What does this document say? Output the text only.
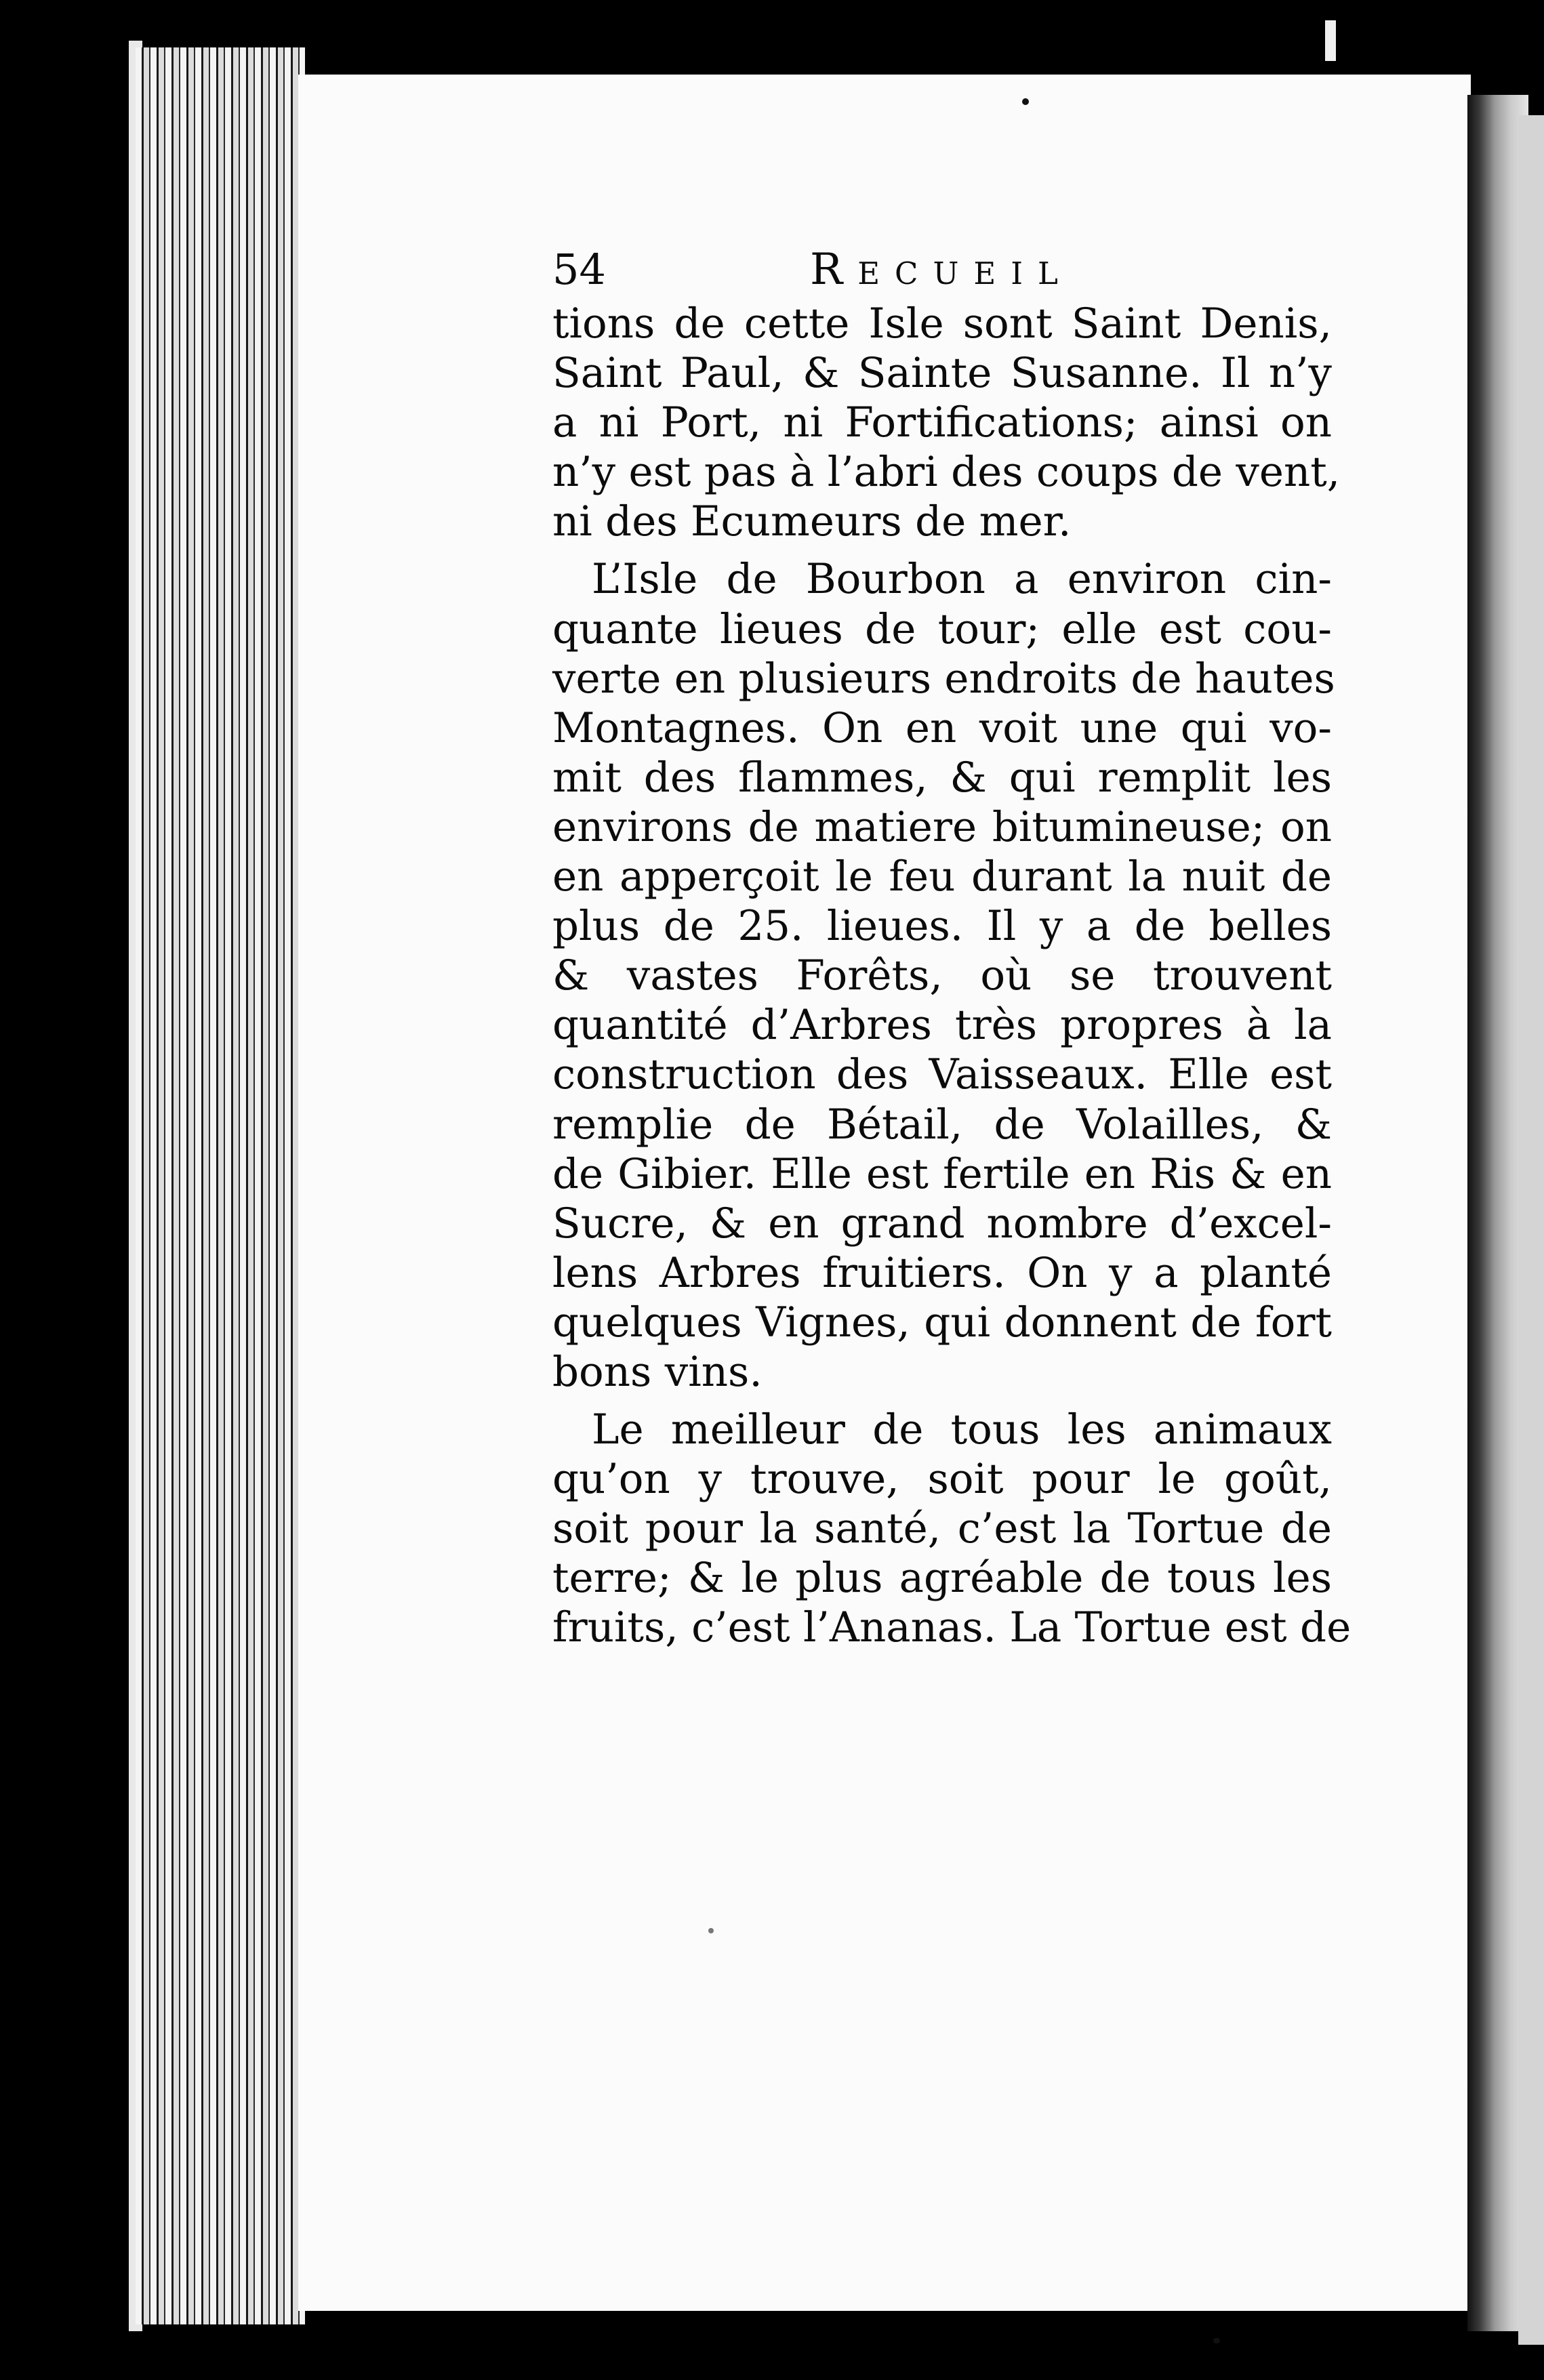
54	Recueil
tions de cette Isle sont Saint Denis,
Saint Paul, & Sainte Susanne. Il n’y
a ni Port, ni Fortifications; ainsi on
n’y est pas à l’abri des coups de vent,
ni des Ecumeurs de mer.
L’Isle de Bourbon a environ cin-
quante lieues de tour; elle est cou-
verte en plusieurs endroits de hautes
Montagnes. On en voit une qui vo-
mit des flammes, & qui remplit les
environs de matiere bitumineuse; on
en apperçoit le feu durant la nuit de
plus de 25. lieues. Il y a de belles
& vastes Forêts, où se trouvent
quantité d’Arbres très propres à la
construction des Vaisseaux. Elle est
remplie de Bétail, de Volailles, &
de Gibier. Elle est fertile en Ris & en
Sucre, & en grand nombre d’excel-
lens Arbres fruitiers. On y a planté
quelques Vignes, qui donnent de fort
bons vins.
Le meilleur de tous les animaux
qu’on y trouve, soit pour le goût,
soit pour la santé, c’est la Tortue de
terre; & le plus agréable de tous les
fruits, c’est l’Ananas. La Tortue est de
